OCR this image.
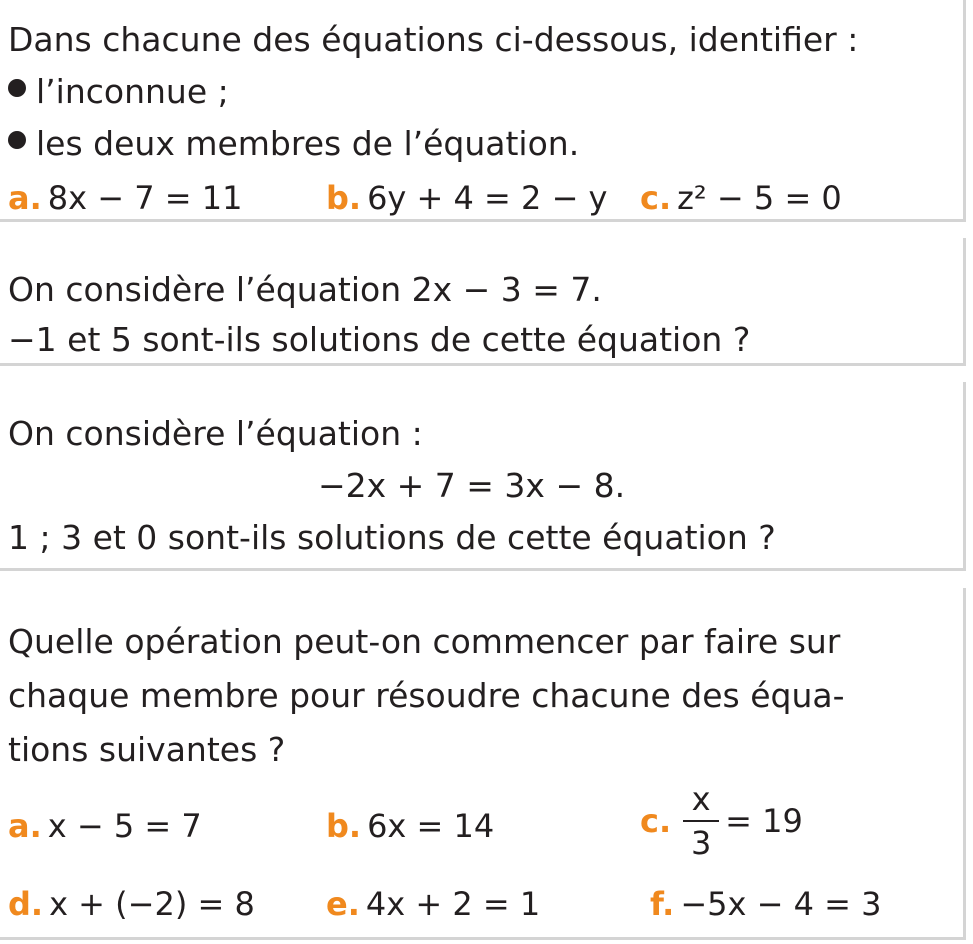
Dans chacune des équations ci-dessous, identifier :
l’inconnue ;
les deux membres de l’équation.
a. 8x − 7 = 11	b. 6y + 4 = 2 − y c. z² − 5 = 0
On considère l’équation 2x − 3 = 7.
−1 et 5 sont-ils solutions de cette équation ?
On considère l’équation :
−2x + 7 = 3x − 8.
1 ; 3 et 0 sont-ils solutions de cette équation ?
Quelle opération peut-on commencer par faire sur
chaque membre pour résoudre chacune des équa-
tions suivantes ?
a. x − 5 = 7	b. 6x = 14	c. $\frac{x}{3} = 19$
d. x + (−2) = 8 e. 4x + 2 = 1	f. −5x − 4 = 3
